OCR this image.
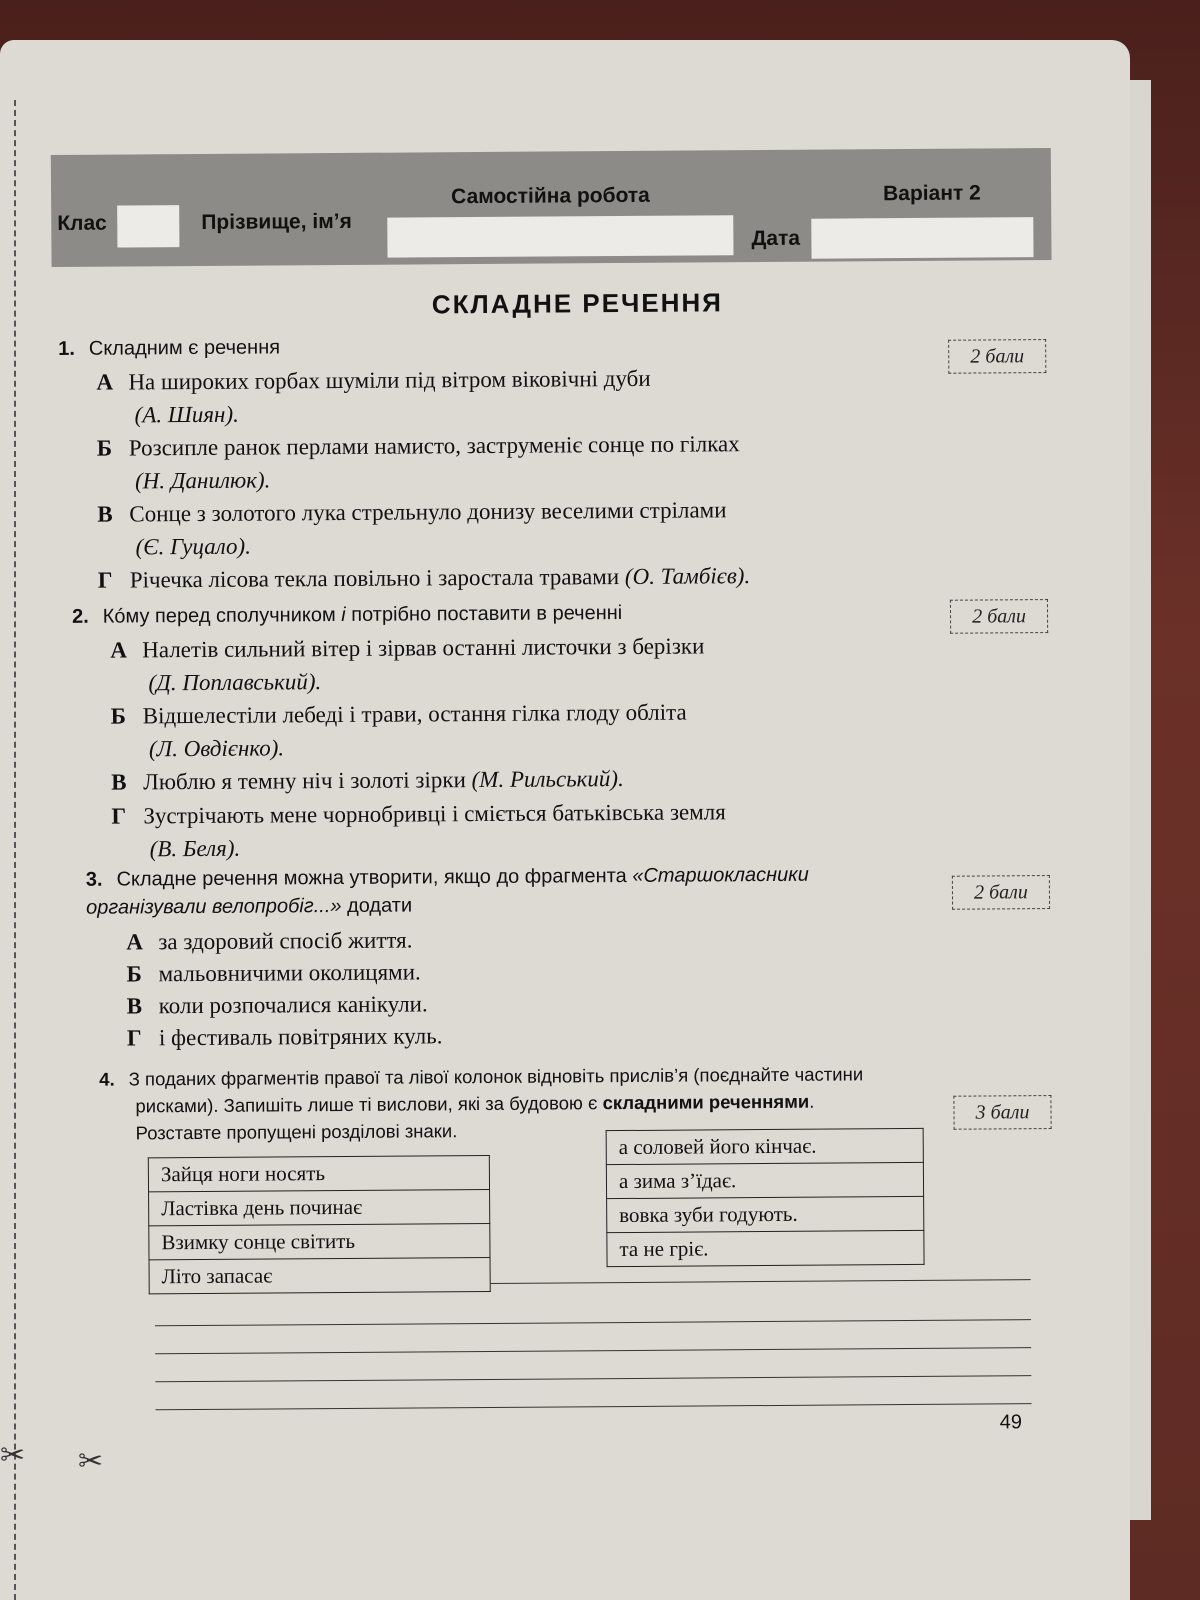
✂ ✂
Самостійна робота	Варіант 2
Клас	Прізвище, ім’я
Дата
СКЛАДНЕ РЕЧЕННЯ
1. Складним є речення	2 бали
А На широких горбах шуміли під вітром віковічні дуби
(А. Шиян).
Б Розсипле ранок перлами намисто, заструменіє сонце по гілках
(Н. Данилюк).
В Сонце з золотого лука стрельнуло донизу веселими стрілами
(Є. Гуцало).
Г Річечка лісова текла повільно і заростала травами (О. Тамбієв).
2. Кóму перед сполучником і потрібно поставити в реченні	2 бали
А Налетів сильний вітер і зірвав останні листочки з берізки
(Д. Поплавський).
Б Відшелестіли лебеді і трави, остання гілка глоду обліта
(Л. Овдієнко).
В Люблю я темну ніч і золоті зірки (М. Рильський).
Г Зустрічають мене чорнобривці і сміється батьківська земля
(В. Беля).
3. Складне речення можна утворити, якщо до фрагмента «Старшокласники організували велопробіг...» додати
2 бали
А за здоровий спосіб життя.
Б мальовничими околицями.
В коли розпочалися канікули.
Г і фестиваль повітряних куль.
4. З поданих фрагментів правої та лівої колонок відновіть прислів’я (поєднайте частини
рисками). Запишіть лише ті вислови, які за будовою є складними реченнями.
Розставте пропущені розділові знаки.
3 бали
Зайця ноги носять
Ластівка день починає
Взимку сонце світить
Літо запасає
а соловей його кінчає.
а зима з’їдає.
вовка зуби годують.
та не гріє.
49
